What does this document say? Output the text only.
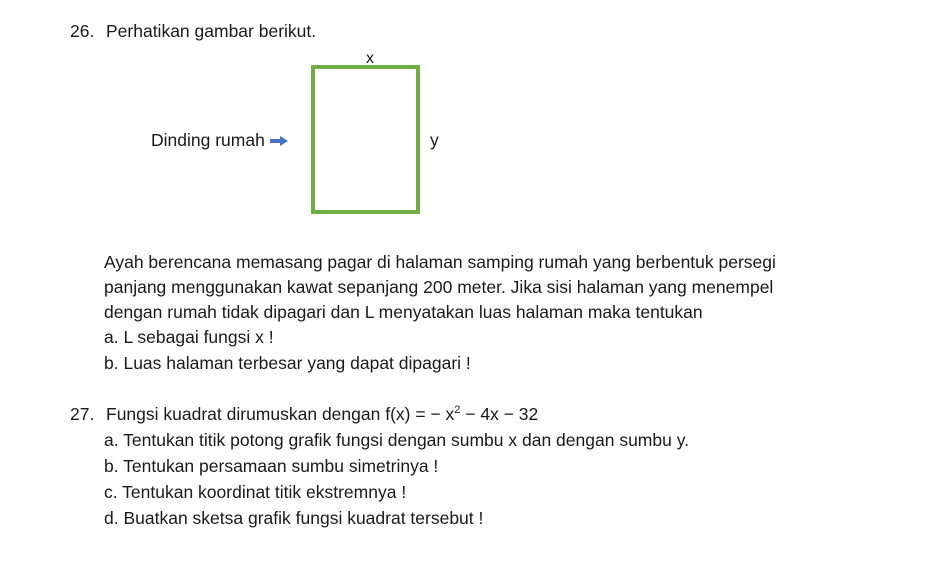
26. Perhatikan gambar berikut.
x
y
Dinding rumah
Ayah berencana memasang pagar di halaman samping rumah yang berbentuk persegi
panjang menggunakan kawat sepanjang 200 meter. Jika sisi halaman yang menempel
dengan rumah tidak dipagari dan L menyatakan luas halaman maka tentukan
a. L sebagai fungsi x !
b. Luas halaman terbesar yang dapat dipagari !
27. Fungsi kuadrat dirumuskan dengan f(x) = − $x^2 - 4x - 32$
a. Tentukan titik potong grafik fungsi dengan sumbu x dan dengan sumbu y.
b. Tentukan persamaan sumbu simetrinya !
c. Tentukan koordinat titik ekstremnya !
d. Buatkan sketsa grafik fungsi kuadrat tersebut !
